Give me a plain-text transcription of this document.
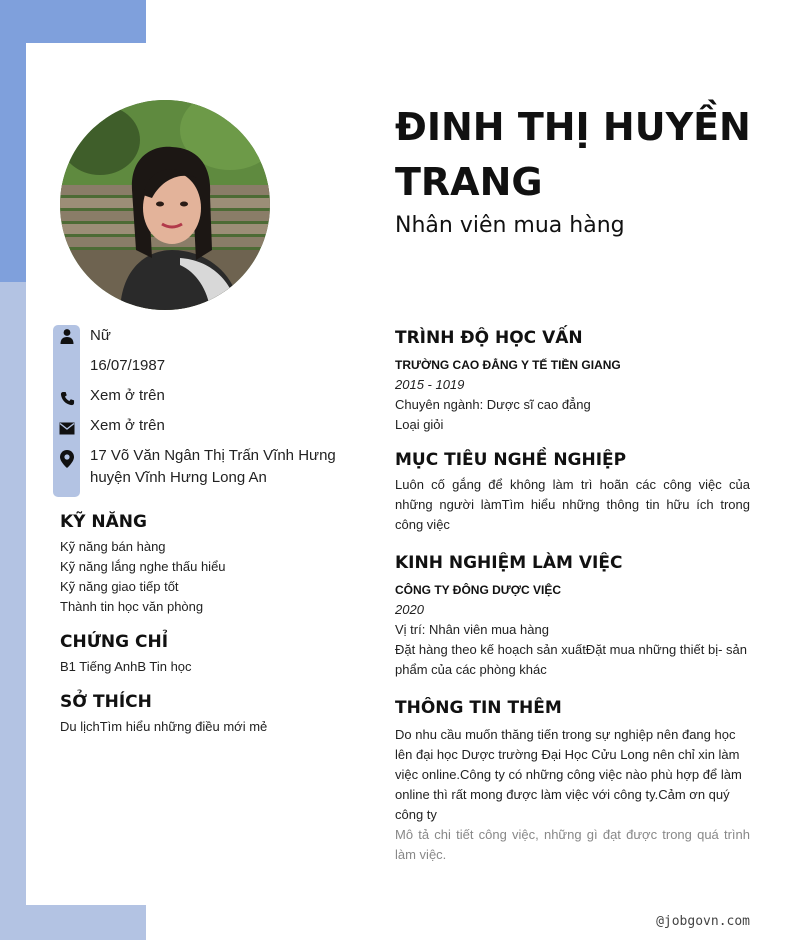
ĐINH THỊ HUYỀN TRANG
Nhân viên mua hàng
Nữ
16/07/1987
Xem ở trên
Xem ở trên
17 Võ Văn Ngân Thị Trấn Vĩnh Hưng huyện Vĩnh Hưng Long An
KỸ NĂNG
Kỹ năng bán hàng
Kỹ năng lắng nghe thấu hiểu
Kỹ năng giao tiếp tốt
Thành tin học văn phòng
CHỨNG CHỈ
B1 Tiếng AnhB Tin học
SỞ THÍCH
Du lịchTìm hiểu những điều mới mẻ
TRÌNH ĐỘ HỌC VẤN
TRƯỜNG CAO ĐẲNG Y TẾ TIỀN GIANG
2015 - 1019
Chuyên ngành: Dược sĩ cao đẳng
Loại giỏi
MỤC TIÊU NGHỀ NGHIỆP
Luôn cố gắng để không làm trì hoãn các công việc của những người làmTìm hiểu những thông tin hữu ích trong công việc
KINH NGHIỆM LÀM VIỆC
CÔNG TY ĐÔNG DƯỢC VIỆC
2020
Vị trí: Nhân viên mua hàng
Đặt hàng theo kế hoạch sản xuấtĐặt mua những thiết bị- sản phẩm của các phòng khác
THÔNG TIN THÊM
Do nhu cầu muốn thăng tiến trong sự nghiệp nên đang học lên đại học Dược trường Đại Học Cửu Long nên chỉ xin làm việc online.Công ty có những công việc nào phù hợp để làm online thì rất mong được làm việc với công ty.Cảm ơn quý công ty
Mô tả chi tiết công việc, những gì đạt được trong quá trình làm việc.
@jobgovn.com
